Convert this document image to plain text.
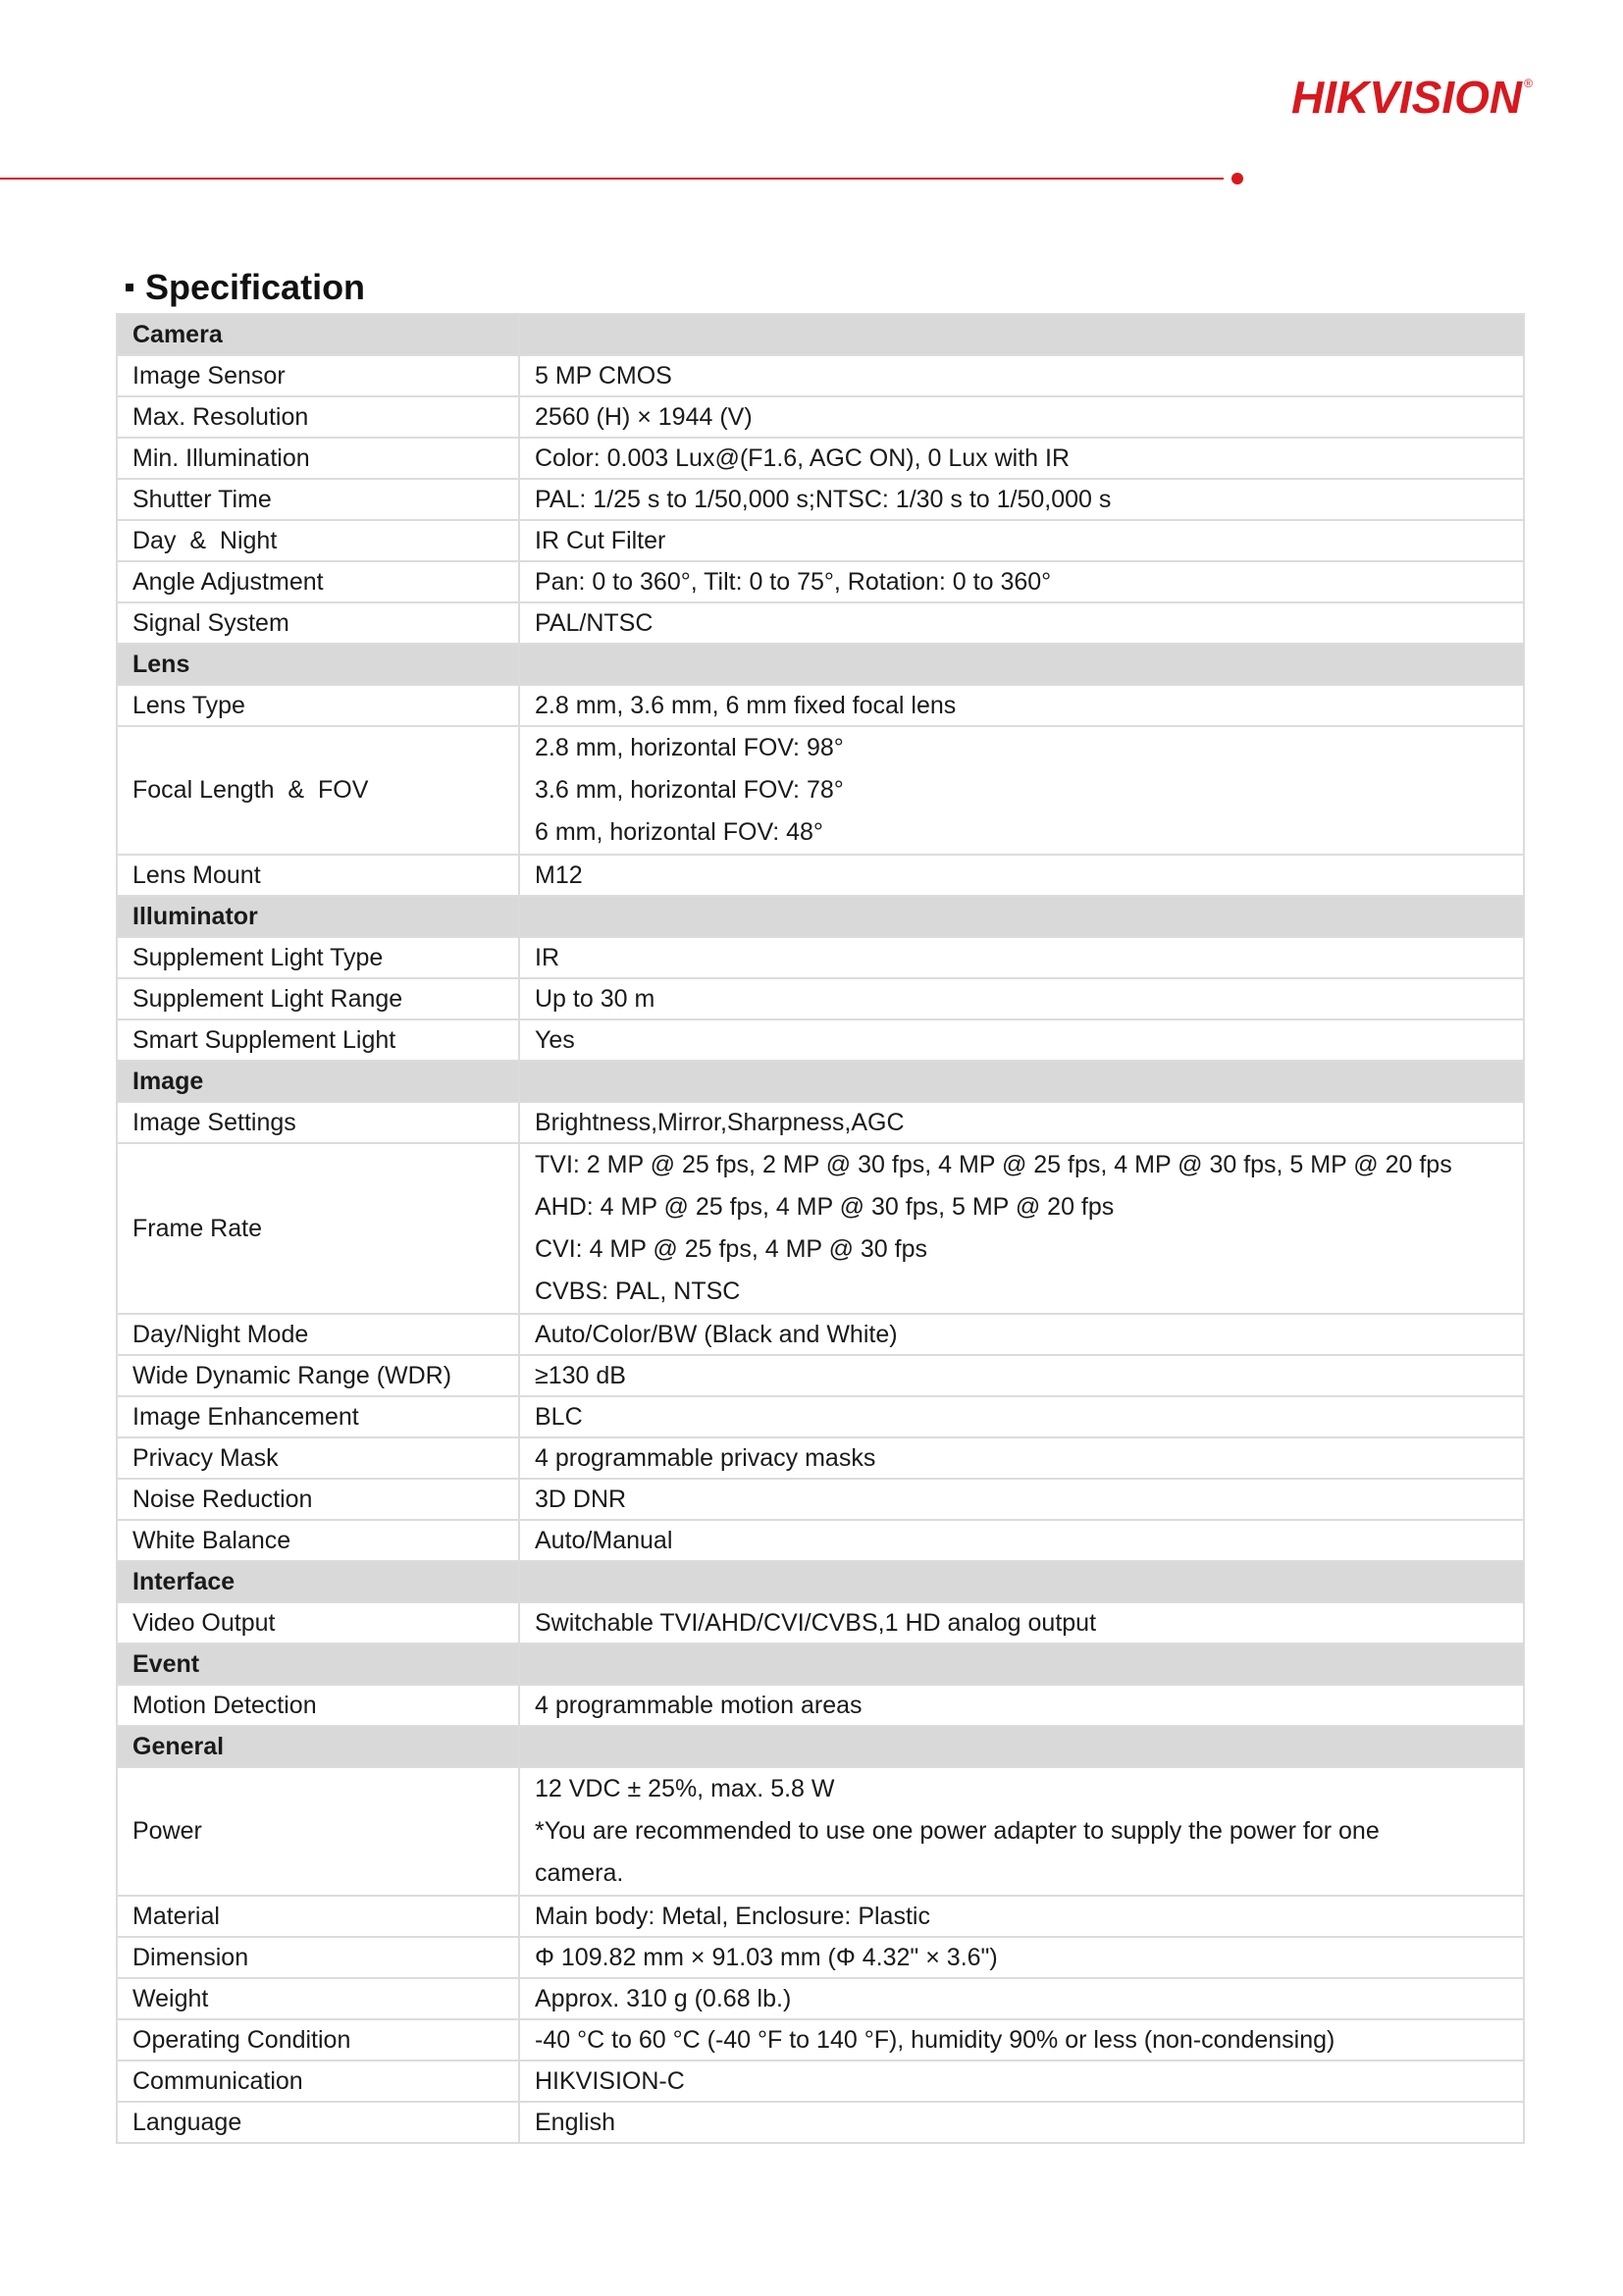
HIKVISION ®
Specification
Camera	
Image Sensor	5 MP CMOS
Max. Resolution	2560 (H) × 1944 (V)
Min. Illumination	Color: 0.003 Lux@(F1.6, AGC ON), 0 Lux with IR
Shutter Time	PAL: 1/25 s to 1/50,000 s;NTSC: 1/30 s to 1/50,000 s
Day  &  Night	IR Cut Filter
Angle Adjustment	Pan: 0 to 360°, Tilt: 0 to 75°, Rotation: 0 to 360°
Signal System	PAL/NTSC
Lens	
Lens Type	2.8 mm, 3.6 mm, 6 mm fixed focal lens
Focal Length  &  FOV	2.8 mm, horizontal FOV: 98°
3.6 mm, horizontal FOV: 78°
6 mm, horizontal FOV: 48°

Lens Mount	M12
Illuminator	
Supplement Light Type	IR
Supplement Light Range	Up to 30 m
Smart Supplement Light	Yes
Image	
Image Settings	Brightness,Mirror,Sharpness,AGC
Frame Rate	TVI: 2 MP @ 25 fps, 2 MP @ 30 fps, 4 MP @ 25 fps, 4 MP @ 30 fps, 5 MP @ 20 fps
AHD: 4 MP @ 25 fps, 4 MP @ 30 fps, 5 MP @ 20 fps
CVI: 4 MP @ 25 fps, 4 MP @ 30 fps
CVBS: PAL, NTSC

Day/Night Mode	Auto/Color/BW (Black and White)
Wide Dynamic Range (WDR)	≥130 dB
Image Enhancement	BLC
Privacy Mask	4 programmable privacy masks
Noise Reduction	3D DNR
White Balance	Auto/Manual
Interface	
Video Output	Switchable TVI/AHD/CVI/CVBS,1 HD analog output
Event	
Motion Detection	4 programmable motion areas
General	
Power	12 VDC ± 25%, max. 5.8 W
*You are recommended to use one power adapter to supply the power for one
camera.

Material	Main body: Metal, Enclosure: Plastic
Dimension	Φ 109.82 mm × 91.03 mm (Φ 4.32" × 3.6")
Weight	Approx. 310 g (0.68 lb.)
Operating Condition	-40 °C to 60 °C (-40 °F to 140 °F), humidity 90% or less (non-condensing)
Communication	HIKVISION-C
Language	English
